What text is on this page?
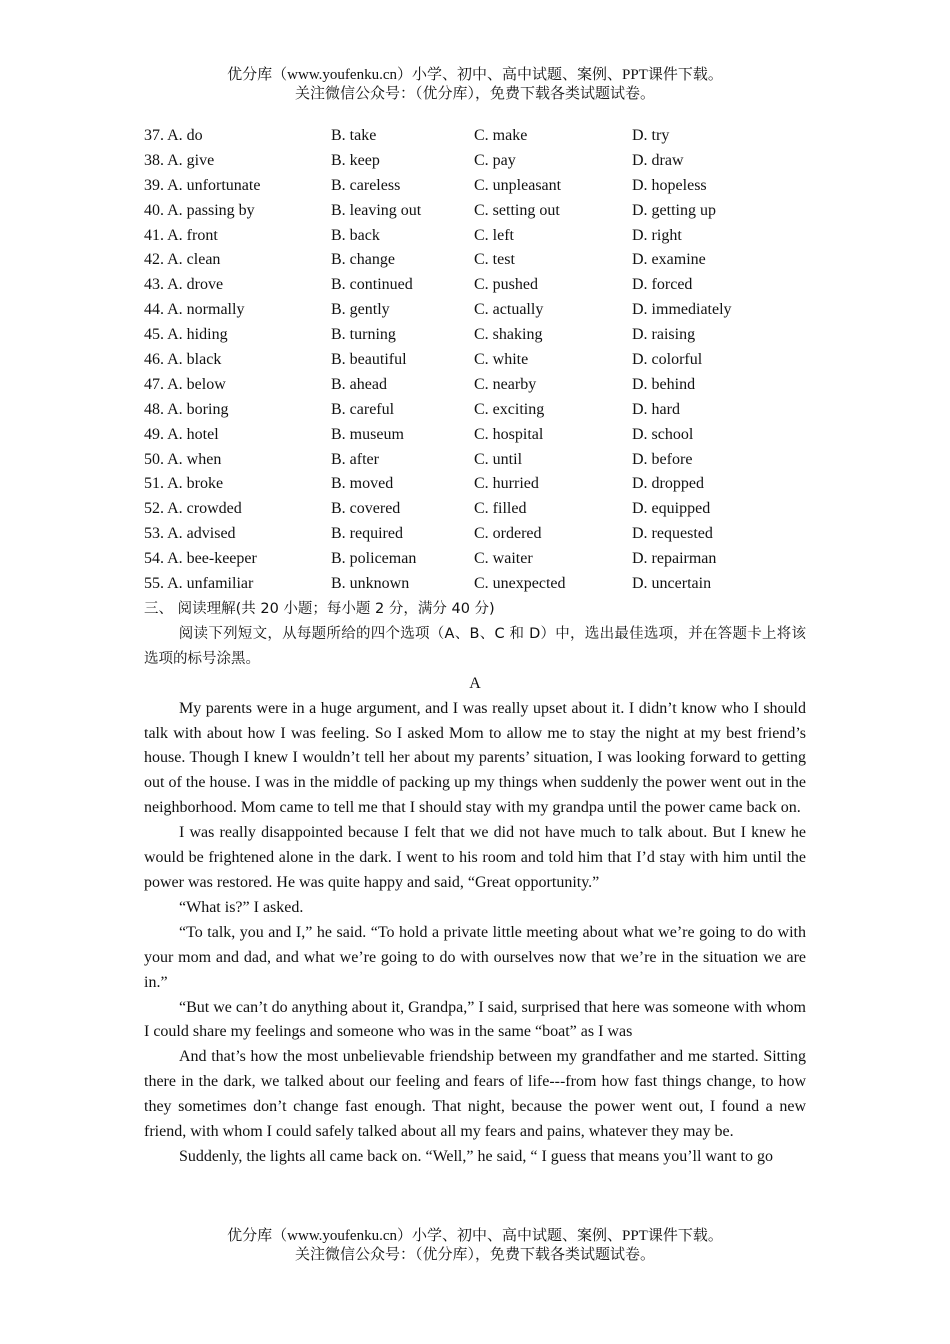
优分库（www.youfenku.cn）小学、初中、高中试题、案例、PPT课件下载。
关注微信公众号：（优分库），免费下载各类试题试卷。
37. A. do	B. take	C. make	D. try
38. A. give	B. keep	C. pay	D. draw
39. A. unfortunate	B. careless	C. unpleasant	D. hopeless
40. A. passing by	B. leaving out	C. setting out	D. getting up
41. A. front	B. back	C. left	D. right
42. A. clean	B. change	C. test	D. examine
43. A. drove	B. continued	C. pushed	D. forced
44. A. normally	B. gently	C. actually	D. immediately
45. A. hiding	B. turning	C. shaking	D. raising
46. A. black	B. beautiful	C. white	D. colorful
47. A. below	B. ahead	C. nearby	D. behind
48. A. boring	B. careful	C. exciting	D. hard
49. A. hotel	B. museum	C. hospital	D. school
50. A. when	B. after	C. until	D. before
51. A. broke	B. moved	C. hurried	D. dropped
52. A. crowded	B. covered	C. filled	D. equipped
53. A. advised	B. required	C. ordered	D. requested
54. A. bee-keeper	B. policeman	C. waiter	D. repairman
55. A. unfamiliar	B. unknown	C. unexpected	D. uncertain
三、 阅读理解(共 20 小题；每小题 2 分，满分 40 分)

阅读下列短文，从每题所给的四个选项（A、B、C 和 D）中，选出最佳选项，并在答题卡上将该选项的标号涂黑。

A

My parents were in a huge argument, and I was really upset about it. I didn’t know who I should talk with about how I was feeling. So I asked Mom to allow me to stay the night at my best friend’s house. Though I knew I wouldn’t tell her about my parents’ situation, I was looking forward to getting out of the house. I was in the middle of packing up my things when suddenly the power went out in the neighborhood. Mom came to tell me that I should stay with my grandpa until the power came back on.

I was really disappointed because I felt that we did not have much to talk about. But I knew he would be frightened alone in the dark. I went to his room and told him that I’d stay with him until the power was restored. He was quite happy and said, “Great opportunity.”

“What is?” I asked.

“To talk, you and I,” he said. “To hold a private little meeting about what we’re going to do with your mom and dad, and what we’re going to do with ourselves now that we’re in the situation we are in.”

“But we can’t do anything about it, Grandpa,” I said, surprised that here was someone with whom I could share my feelings and someone who was in the same “boat” as I was

And that’s how the most unbelievable friendship between my grandfather and me started. Sitting there in the dark, we talked about our feeling and fears of life---from how fast things change, to how they sometimes don’t change fast enough. That night, because the power went out, I found a new friend, with whom I could safely talked about all my fears and pains, whatever they may be.

Suddenly, the lights all came back on. “Well,” he said, “ I guess that means you’ll want to go

优分库（www.youfenku.cn）小学、初中、高中试题、案例、PPT课件下载。
关注微信公众号：（优分库），免费下载各类试题试卷。
